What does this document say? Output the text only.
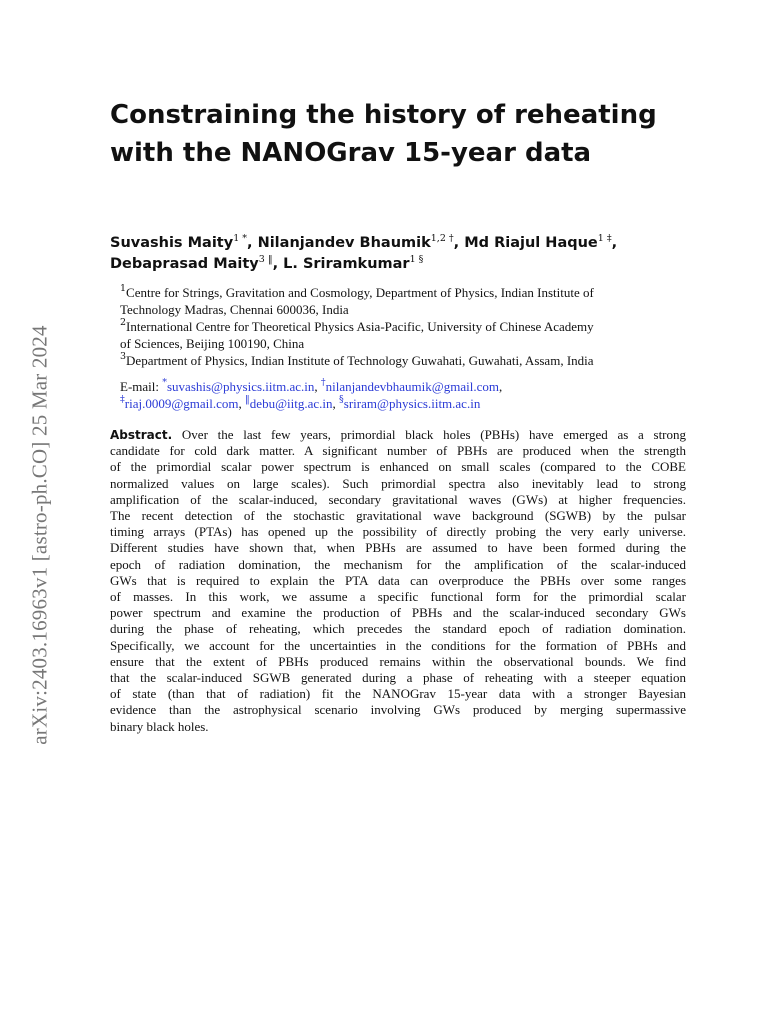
arXiv:2403.16963v1 [astro-ph.CO] 25 Mar 2024
Constraining the history of reheating
with the NANOGrav 15-year data
Suvashis Maity$^{1 *}$, Nilanjandev Bhaumik$^{1,2 \dagger}$, Md Riajul Haque$^{1 \ddagger}$,
Debaprasad Maity$^{3 ‖}$, L. Sriramkumar$^{1 \S}$
$^1$Centre for Strings, Gravitation and Cosmology, Department of Physics, Indian Institute of
Technology Madras, Chennai 600036, India
$^2$International Centre for Theoretical Physics Asia-Pacific, University of Chinese Academy
of Sciences, Beijing 100190, China
$^3$Department of Physics, Indian Institute of Technology Guwahati, Guwahati, Assam, India
E-mail: *suvashis@physics.iitm.ac.in, †nilanjandevbhaumik@gmail.com,
‡riaj.0009@gmail.com, ‖debu@iitg.ac.in, §sriram@physics.iitm.ac.in
Abstract. Over the last few years, primordial black holes (PBHs) have emerged as a strong
candidate for cold dark matter. A significant number of PBHs are produced when the strength
of the primordial scalar power spectrum is enhanced on small scales (compared to the COBE
normalized values on large scales). Such primordial spectra also inevitably lead to strong
amplification of the scalar-induced, secondary gravitational waves (GWs) at higher frequencies.
The recent detection of the stochastic gravitational wave background (SGWB) by the pulsar
timing arrays (PTAs) has opened up the possibility of directly probing the very early universe.
Different studies have shown that, when PBHs are assumed to have been formed during the
epoch of radiation domination, the mechanism for the amplification of the scalar-induced
GWs that is required to explain the PTA data can overproduce the PBHs over some ranges
of masses. In this work, we assume a specific functional form for the primordial scalar
power spectrum and examine the production of PBHs and the scalar-induced secondary GWs
during the phase of reheating, which precedes the standard epoch of radiation domination.
Specifically, we account for the uncertainties in the conditions for the formation of PBHs and
ensure that the extent of PBHs produced remains within the observational bounds. We find
that the scalar-induced SGWB generated during a phase of reheating with a steeper equation
of state (than that of radiation) fit the NANOGrav 15-year data with a stronger Bayesian
evidence than the astrophysical scenario involving GWs produced by merging supermassive
binary black holes.
